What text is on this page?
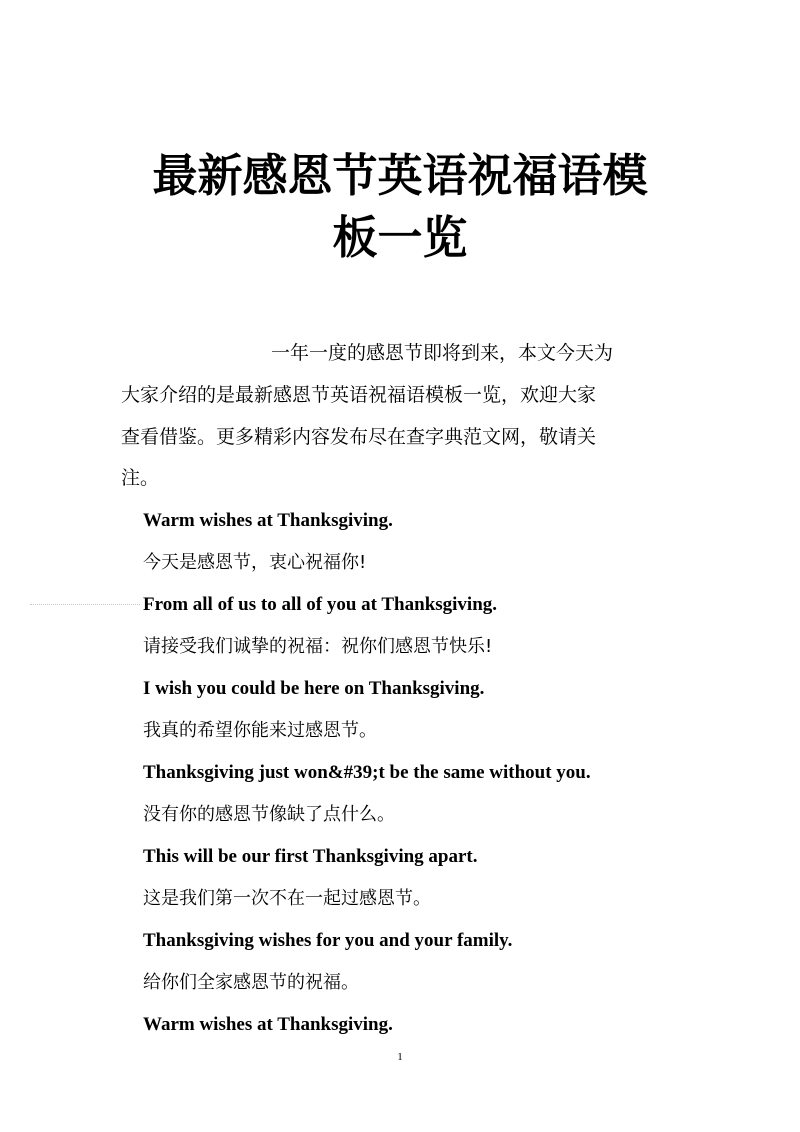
最新感恩节英语祝福语模
板一览
一年一度的感恩节即将到来，本文今天为
大家介绍的是最新感恩节英语祝福语模板一览，欢迎大家
查看借鉴。更多精彩内容发布尽在查字典范文网，敬请关
注。
Warm wishes at Thanksgiving.
今天是感恩节，衷心祝福你!
From all of us to all of you at Thanksgiving.
请接受我们诚挚的祝福：祝你们感恩节快乐!
I wish you could be here on Thanksgiving.
我真的希望你能来过感恩节。
Thanksgiving just won&#39;t be the same without you.
没有你的感恩节像缺了点什么。
This will be our first Thanksgiving apart.
这是我们第一次不在一起过感恩节。
Thanksgiving wishes for you and your family.
给你们全家感恩节的祝福。
Warm wishes at Thanksgiving.
1
